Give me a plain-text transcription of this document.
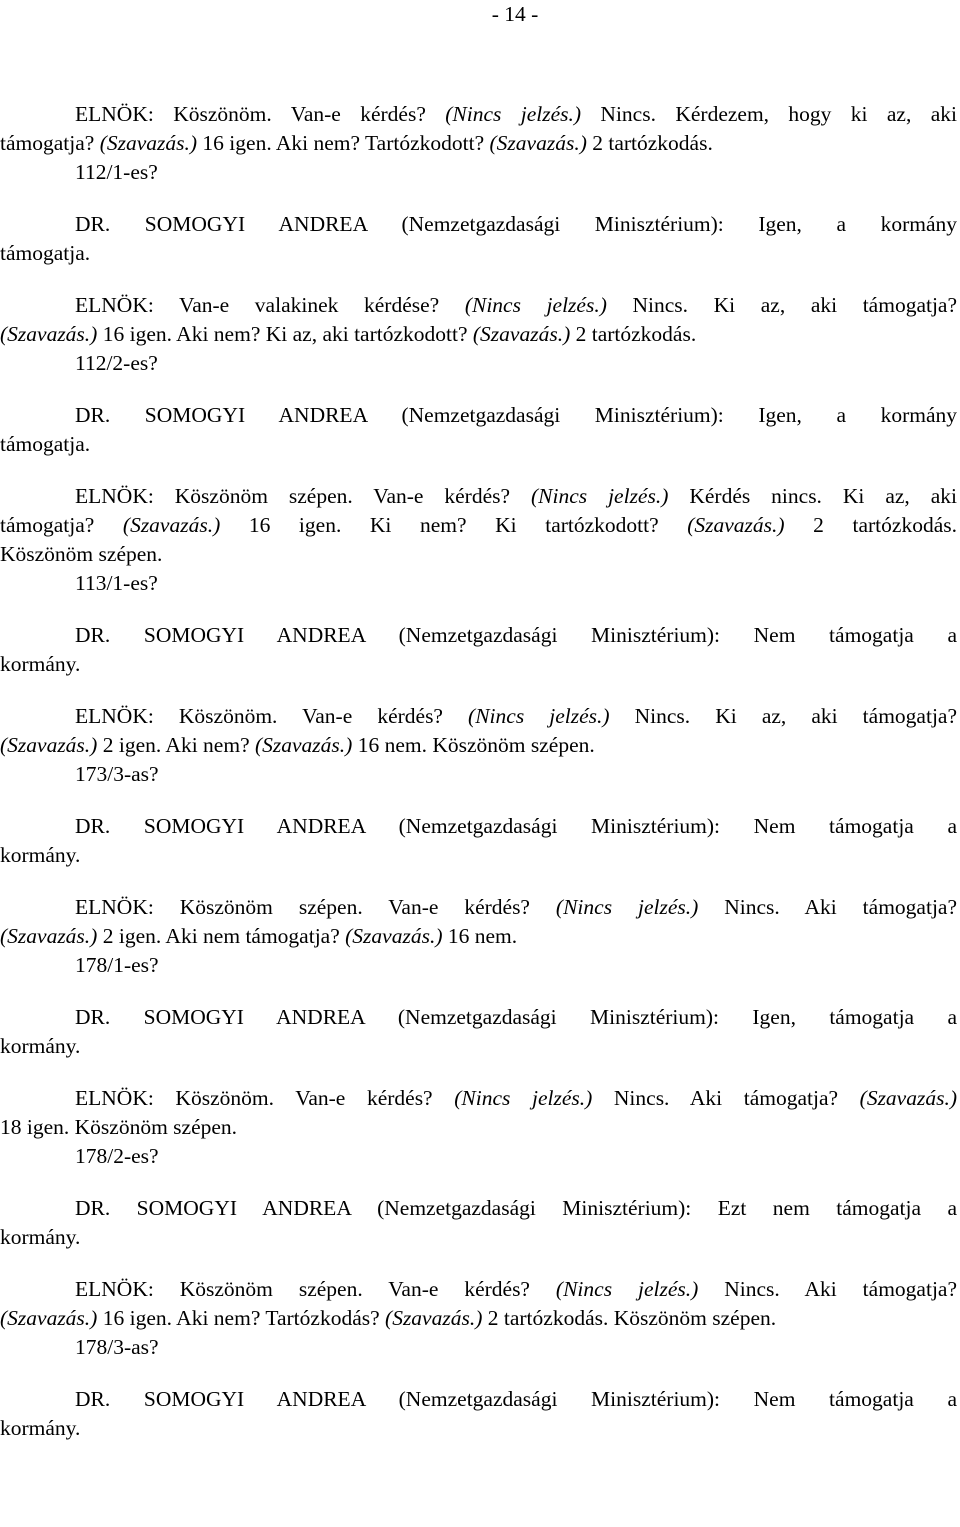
- 14 -

ELNÖK: Köszönöm. Van-e kérdés? (Nincs jelzés.) Nincs. Kérdezem, hogy ki az, aki

támogatja? (Szavazás.) 16 igen. Aki nem? Tartózkodott? (Szavazás.) 2 tartózkodás.

112/1-es?

DR. SOMOGYI ANDREA (Nemzetgazdasági Minisztérium): Igen, a kormány

támogatja.

ELNÖK: Van-e valakinek kérdése? (Nincs jelzés.) Nincs. Ki az, aki támogatja?

(Szavazás.) 16 igen. Aki nem? Ki az, aki tartózkodott? (Szavazás.) 2 tartózkodás.

112/2-es?

DR. SOMOGYI ANDREA (Nemzetgazdasági Minisztérium): Igen, a kormány

támogatja.

ELNÖK: Köszönöm szépen. Van-e kérdés? (Nincs jelzés.) Kérdés nincs. Ki az, aki

támogatja? (Szavazás.) 16 igen. Ki nem? Ki tartózkodott? (Szavazás.) 2 tartózkodás.

Köszönöm szépen.

113/1-es?

DR. SOMOGYI ANDREA (Nemzetgazdasági Minisztérium): Nem támogatja a

kormány.

ELNÖK: Köszönöm. Van-e kérdés? (Nincs jelzés.) Nincs. Ki az, aki támogatja?

(Szavazás.) 2 igen. Aki nem? (Szavazás.) 16 nem. Köszönöm szépen.

173/3-as?

DR. SOMOGYI ANDREA (Nemzetgazdasági Minisztérium): Nem támogatja a

kormány.

ELNÖK: Köszönöm szépen. Van-e kérdés? (Nincs jelzés.) Nincs. Aki támogatja?

(Szavazás.) 2 igen. Aki nem támogatja? (Szavazás.) 16 nem.

178/1-es?

DR. SOMOGYI ANDREA (Nemzetgazdasági Minisztérium): Igen, támogatja a

kormány.

ELNÖK: Köszönöm. Van-e kérdés? (Nincs jelzés.) Nincs. Aki támogatja? (Szavazás.)

18 igen. Köszönöm szépen.

178/2-es?

DR. SOMOGYI ANDREA (Nemzetgazdasági Minisztérium): Ezt nem támogatja a

kormány.

ELNÖK: Köszönöm szépen. Van-e kérdés? (Nincs jelzés.) Nincs. Aki támogatja?

(Szavazás.) 16 igen. Aki nem? Tartózkodás? (Szavazás.) 2 tartózkodás. Köszönöm szépen.

178/3-as?

DR. SOMOGYI ANDREA (Nemzetgazdasági Minisztérium): Nem támogatja a

kormány.
